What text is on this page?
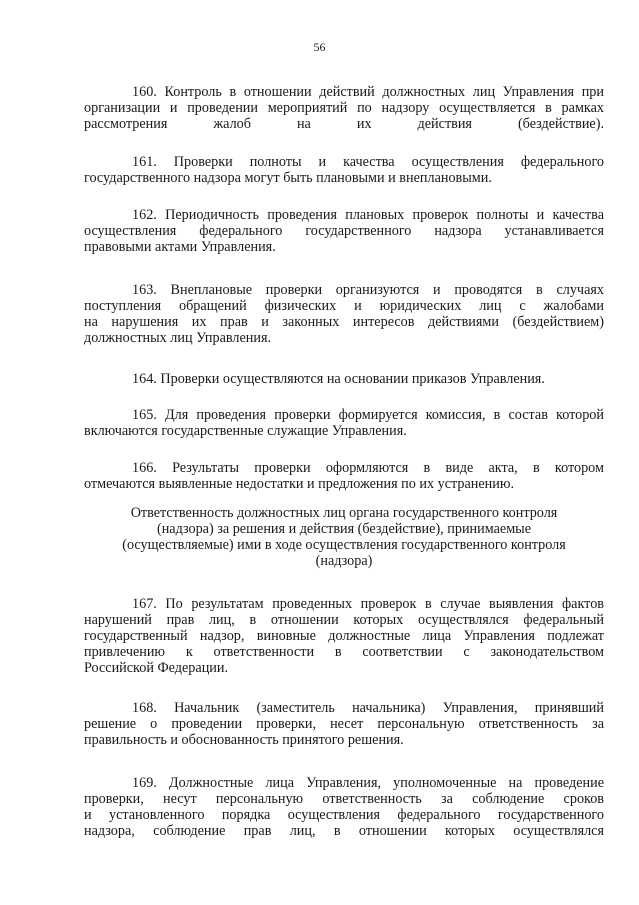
56
160. Контроль в отношении действий должностных лиц Управления при
организации и проведении мероприятий по надзору осуществляется в рамках
рассмотрения жалоб на их действия (бездействие).
161. Проверки полноты и качества осуществления федерального
государственного надзора могут быть плановыми и внеплановыми.
162. Периодичность проведения плановых проверок полноты и качества
осуществления федерального государственного надзора устанавливается
правовыми актами Управления.
163. Внеплановые проверки организуются и проводятся в случаях
поступления обращений физических и юридических лиц с жалобами
на нарушения их прав и законных интересов действиями (бездействием)
должностных лиц Управления.
164. Проверки осуществляются на основании приказов Управления.
165. Для проведения проверки формируется комиссия, в состав которой
включаются государственные служащие Управления.
166. Результаты проверки оформляются в виде акта, в котором
отмечаются выявленные недостатки и предложения по их устранению.
Ответственность должностных лиц органа государственного контроля
(надзора) за решения и действия (бездействие), принимаемые
(осуществляемые) ими в ходе осуществления государственного контроля
(надзора)
167. По результатам проведенных проверок в случае выявления фактов
нарушений прав лиц, в отношении которых осуществлялся федеральный
государственный надзор, виновные должностные лица Управления подлежат
привлечению к ответственности в соответствии с законодательством
Российской Федерации.
168. Начальник (заместитель начальника) Управления, принявший
решение о проведении проверки, несет персональную ответственность за
правильность и обоснованность принятого решения.
169. Должностные лица Управления, уполномоченные на проведение
проверки, несут персональную ответственность за соблюдение сроков
и установленного порядка осуществления федерального государственного
надзора, соблюдение прав лиц, в отношении которых осуществлялся
